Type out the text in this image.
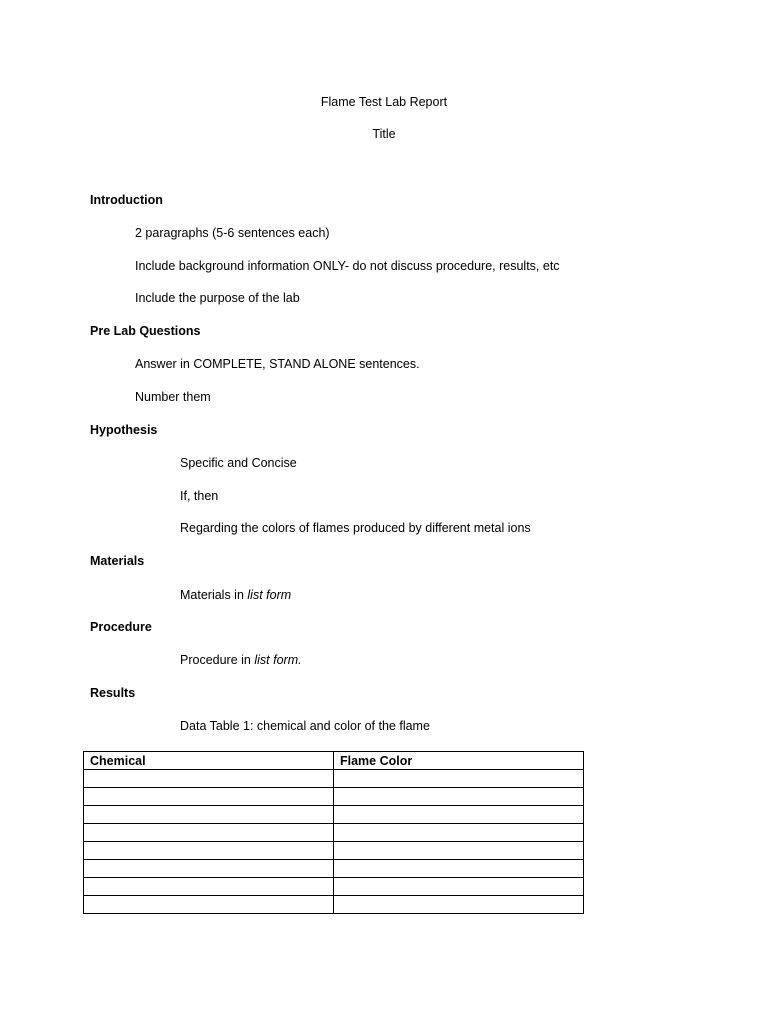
Flame Test Lab Report
Title
Introduction
2 paragraphs (5-6 sentences each)
Include background information ONLY- do not discuss procedure, results, etc
Include the purpose of the lab
Pre Lab Questions
Answer in COMPLETE, STAND ALONE sentences.
Number them
Hypothesis
Specific and Concise
If, then
Regarding the colors of flames produced by different metal ions
Materials
Materials in list form
Procedure
Procedure in list form.
Results
Data Table 1: chemical and color of the flame
Chemical	Flame Color
